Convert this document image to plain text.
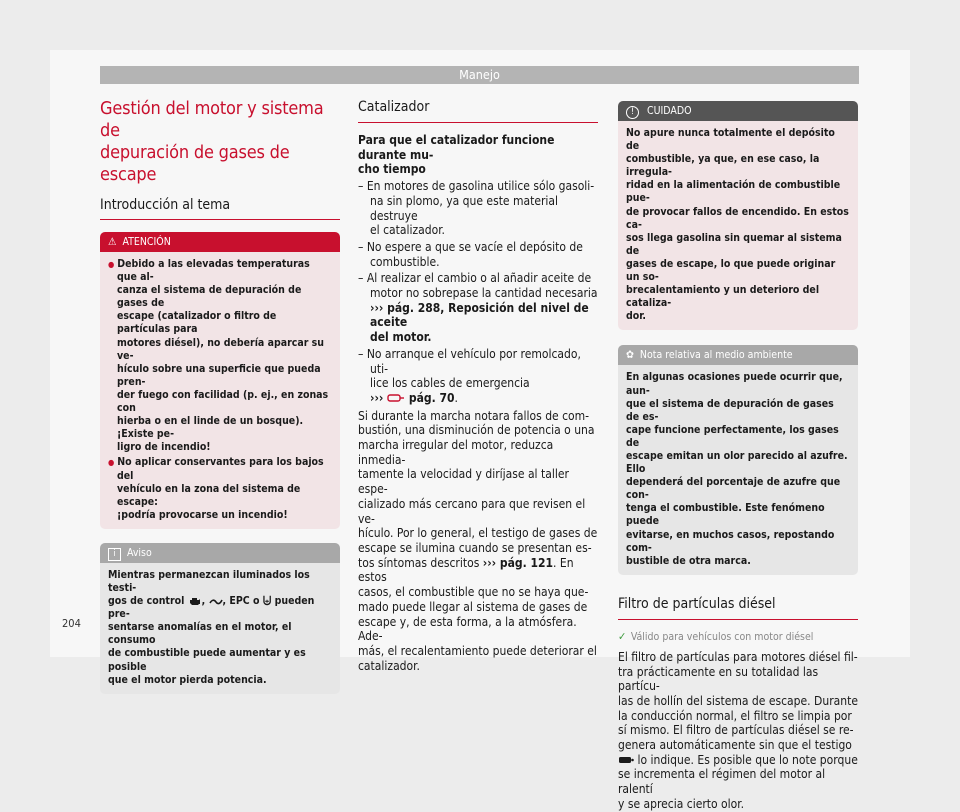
Manejo
Gestión del motor y sistema de
depuración de gases de escape
Introducción al tema
⚠ ATENCIÓN
● Debido a las elevadas temperaturas que al-
canza el sistema de depuración de gases de
escape (catalizador o filtro de partículas para
motores diésel), no debería aparcar su ve-
hículo sobre una superficie que pueda pren-
der fuego con facilidad (p. ej., en zonas con
hierba o en el linde de un bosque). ¡Existe pe-
ligro de incendio!
● No aplicar conservantes para los bajos del
vehículo en la zona del sistema de escape:
¡podría provocarse un incendio!
i Aviso
Mientras permanezcan iluminados los testi-
gos de control , , EPC o ⨄ pueden pre-
sentarse anomalías en el motor, el consumo
de combustible puede aumentar y es posible
que el motor pierda potencia.
Catalizador
Para que el catalizador funcione durante mu-
cho tiempo
– En motores de gasolina utilice sólo gasoli-
na sin plomo, ya que este material destruye
el catalizador.
– No espere a que se vacíe el depósito de
combustible.
– Al realizar el cambio o al añadir aceite de
motor no sobrepase la cantidad necesaria
››› pág. 288, Reposición del nivel de aceite
del motor.
– No arranque el vehículo por remolcado, uti-
lice los cables de emergencia
››› pág. 70.
Si durante la marcha notara fallos de com-
bustión, una disminución de potencia o una
marcha irregular del motor, reduzca inmedia-
tamente la velocidad y diríjase al taller espe-
cializado más cercano para que revisen el ve-
hículo. Por lo general, el testigo de gases de
escape se ilumina cuando se presentan es-
tos síntomas descritos ››› pág. 121. En estos
casos, el combustible que no se haya que-
mado puede llegar al sistema de gases de
escape y, de esta forma, a la atmósfera. Ade-
más, el recalentamiento puede deteriorar el
catalizador.
! CUIDADO
No apure nunca totalmente el depósito de
combustible, ya que, en ese caso, la irregula-
ridad en la alimentación de combustible pue-
de provocar fallos de encendido. En estos ca-
sos llega gasolina sin quemar al sistema de
gases de escape, lo que puede originar un so-
brecalentamiento y un deterioro del cataliza-
dor.
✿ Nota relativa al medio ambiente
En algunas ocasiones puede ocurrir que, aun-
que el sistema de depuración de gases de es-
cape funcione perfectamente, los gases de
escape emitan un olor parecido al azufre. Ello
dependerá del porcentaje de azufre que con-
tenga el combustible. Este fenómeno puede
evitarse, en muchos casos, repostando com-
bustible de otra marca.
Filtro de partículas diésel
✓ Válido para vehículos con motor diésel
El filtro de partículas para motores diésel fil-
tra prácticamente en su totalidad las partícu-
las de hollín del sistema de escape. Durante
la conducción normal, el filtro se limpia por
sí mismo. El filtro de partículas diésel se re-
genera automáticamente sin que el testigo
lo indique. Es posible que lo note porque
se incrementa el régimen del motor al ralentí
y se aprecia cierto olor.
204
